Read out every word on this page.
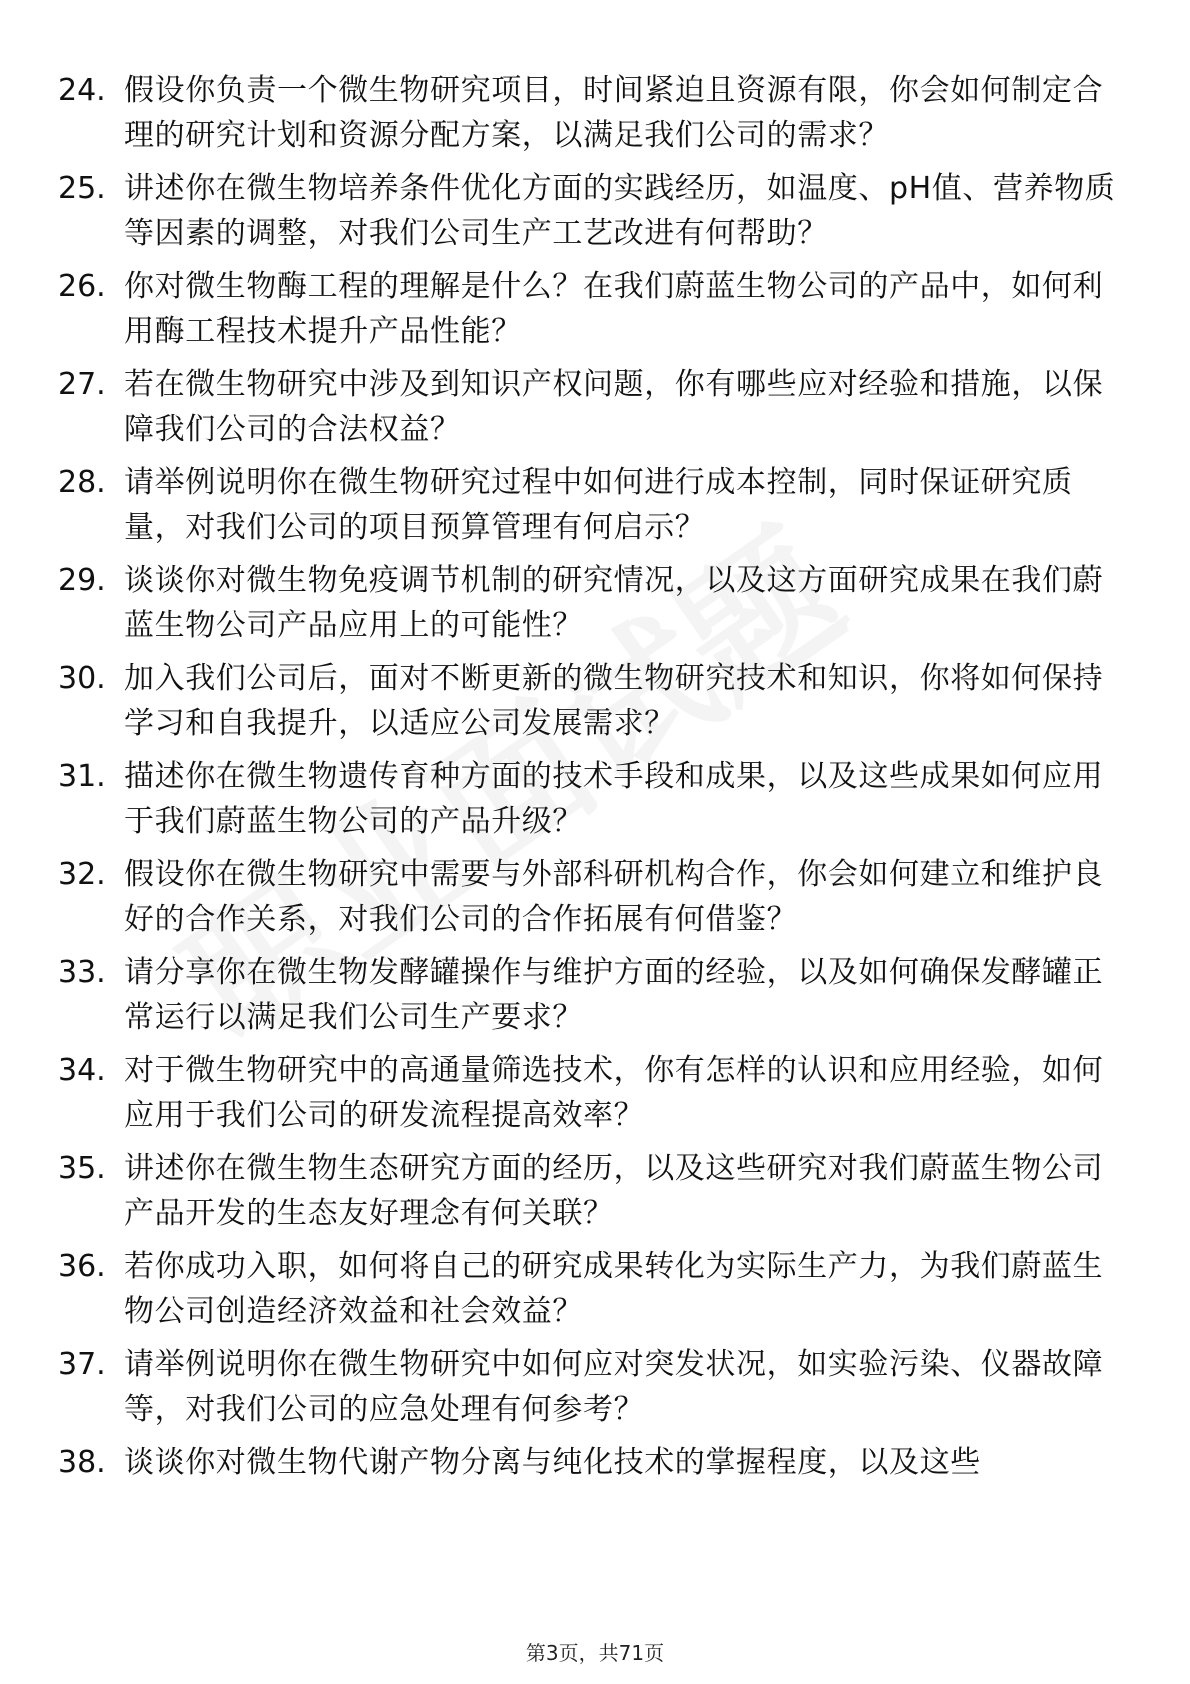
24. 假设你负责一个微生物研究项目，时间紧迫且资源有限，你会如何制定合理的研究计划和资源分配方案，以满足我们公司的需求？
25. 讲述你在微生物培养条件优化方面的实践经历，如温度、pH值、营养物质等因素的调整，对我们公司生产工艺改进有何帮助？
26. 你对微生物酶工程的理解是什么？在我们蔚蓝生物公司的产品中，如何利用酶工程技术提升产品性能？
27. 若在微生物研究中涉及到知识产权问题，你有哪些应对经验和措施，以保障我们公司的合法权益？
28. 请举例说明你在微生物研究过程中如何进行成本控制，同时保证研究质量，对我们公司的项目预算管理有何启示？
29. 谈谈你对微生物免疫调节机制的研究情况，以及这方面研究成果在我们蔚蓝生物公司产品应用上的可能性？
30. 加入我们公司后，面对不断更新的微生物研究技术和知识，你将如何保持学习和自我提升，以适应公司发展需求？
31. 描述你在微生物遗传育种方面的技术手段和成果，以及这些成果如何应用于我们蔚蓝生物公司的产品升级？
32. 假设你在微生物研究中需要与外部科研机构合作，你会如何建立和维护良好的合作关系，对我们公司的合作拓展有何借鉴？
33. 请分享你在微生物发酵罐操作与维护方面的经验，以及如何确保发酵罐正常运行以满足我们公司生产要求？
34. 对于微生物研究中的高通量筛选技术，你有怎样的认识和应用经验，如何应用于我们公司的研发流程提高效率？
35. 讲述你在微生物生态研究方面的经历，以及这些研究对我们蔚蓝生物公司产品开发的生态友好理念有何关联？
36. 若你成功入职，如何将自己的研究成果转化为实际生产力，为我们蔚蓝生物公司创造经济效益和社会效益？
37. 请举例说明你在微生物研究中如何应对突发状况，如实验污染、仪器故障等，对我们公司的应急处理有何参考？
38. 谈谈你对微生物代谢产物分离与纯化技术的掌握程度，以及这些
第3页，共71页
